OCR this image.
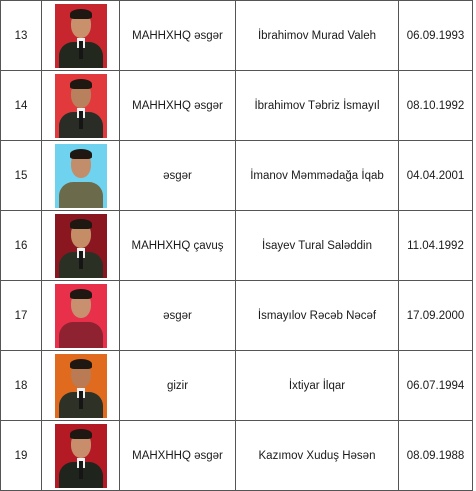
13		MAHHXHQ əsgər	İbrahimov Murad Valeh	06.09.1993
14		MAHHXHQ əsgər	İbrahimov Təbriz İsmayıl	08.10.1992
15		əsgər	İmanov Məmmədağa İqab	04.04.2001
16		MAHHXHQ çavuş	İsayev Tural Saləddin	11.04.1992
17		əsgər	İsmayılov Rəcəb Nəcəf	17.09.2000
18		gizir	İxtiyar İlqar	06.07.1994
19		MAHXHHQ əsgər	Kazımov Xuduş Həsən	08.09.1988
